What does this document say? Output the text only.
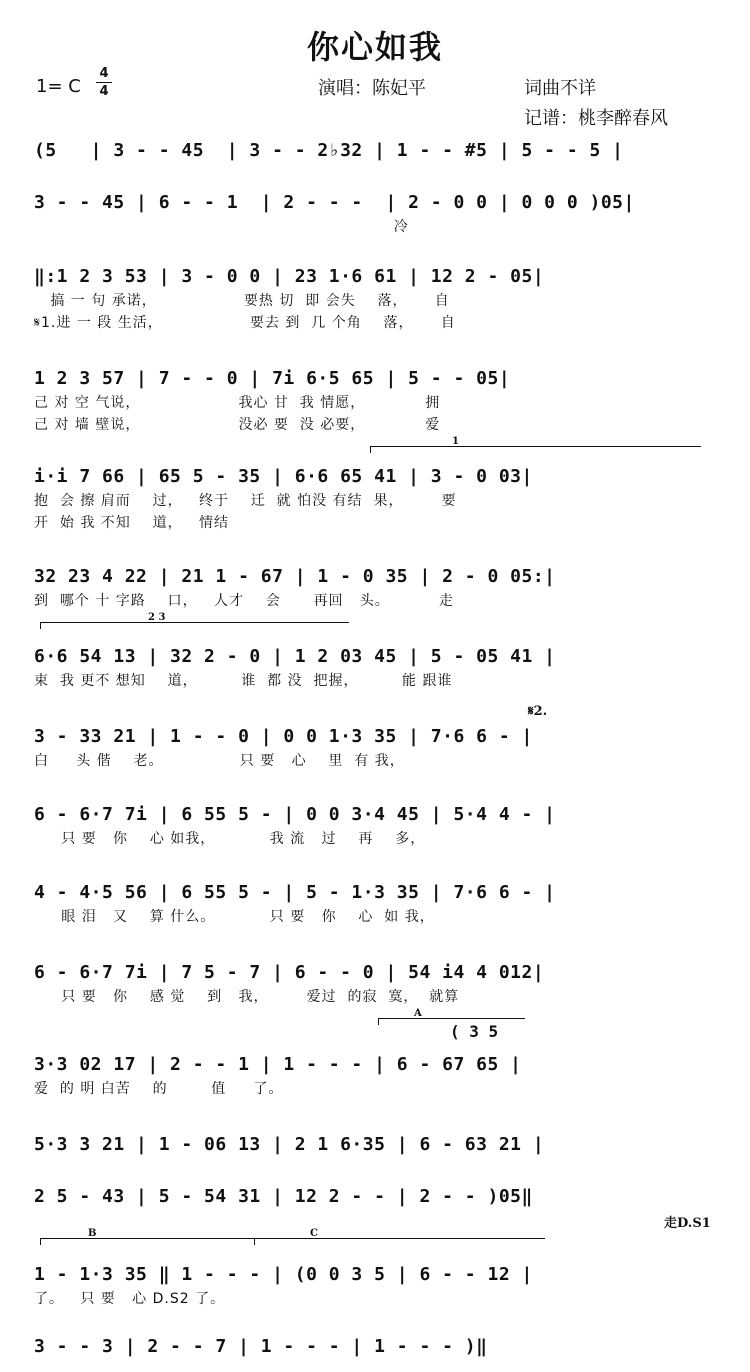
你心如我
1= C
4
4	演唱：陈妃平	词曲不详
记谱：桃李醉春风
(5   | 3 - - 45  | 3 - - 2♭32 | 1 - - #5 | 5 - - 5 |
3 - - 45 | 6 - - 1  | 2 - - -  | 2 - 0 0 | 0 0 0 )05|
冷
‖:1 2 3 53 | 3 - 0 0 | 23 1·6 61 | 12 2 - 05|
搞 一 句 承诺，                要热 切  即 会失    落，     自
𝄋1.进 一 段 生活，                要去 到  几 个角    落，     自
1 2 3 57 | 7 - - 0 | 7i 6·5 65 | 5 - - 05|
己 对 空 气说，                  我心 甘  我 情愿，           拥
己 对 墙 壁说，                  没必 要  没 必要，           爱
i·i 7 66 | 65 5 - 35 | 6·6 65 41 | 3 - 0 03|
抱  会 擦 肩而    过，   终于    迁  就 怕没 有结  果，       要
开  始 我 不知    道，   情结
32 23 4 22 | 21 1 - 67 | 1 - 0 35 | 2 - 0 05:|
到  哪个 十 字路    口，   人才    会      再回   头。         走
6·6 54 13 | 32 2 - 0 | 1 2 03 45 | 5 - 05 41 |
束  我 更不 想知    道，        谁  都 没  把握，        能 跟谁
3 - 33 21 | 1 - - 0 | 0 0 1·3 35 | 7·6 6 - |
白     头 偕    老。              只 要   心    里  有 我，
6 - 6·7 7i | 6 55 5 - | 0 0 3·4 45 | 5·4 4 - |
只 要   你    心 如我，          我 流   过    再    多，
4 - 4·5 56 | 6 55 5 - | 5 - 1·3 35 | 7·6 6 - |
眼 泪   又    算 什么。          只 要   你    心  如 我，
6 - 6·7 7i | 7 5 - 7 | 6 - - 0 | 54 i4 4 012|
只 要   你    感 觉    到   我，       爱过  的寂  寞，  就算
3·3 02 17 | 2 - - 1 | 1 - - - | 6 - 67 65 |
爱  的 明 白苦    的        值     了。
5·3 3 21 | 1 - 06 13 | 2 1 6·35 | 6 - 63 21 |
2 5 - 43 | 5 - 54 31 | 12 2 - - | 2 - - )05‖
1 - 1·3 35 ‖ 1 - - - | (0 0 3 5 | 6 - - 12 |
了。   只 要   心 D.S2 了。
3 - - 3 | 2 - - 7 | 1 - - - | 1 - - - )‖
1
2 3
𝄋2.
A
( 3 5
走D.S1
B	C
